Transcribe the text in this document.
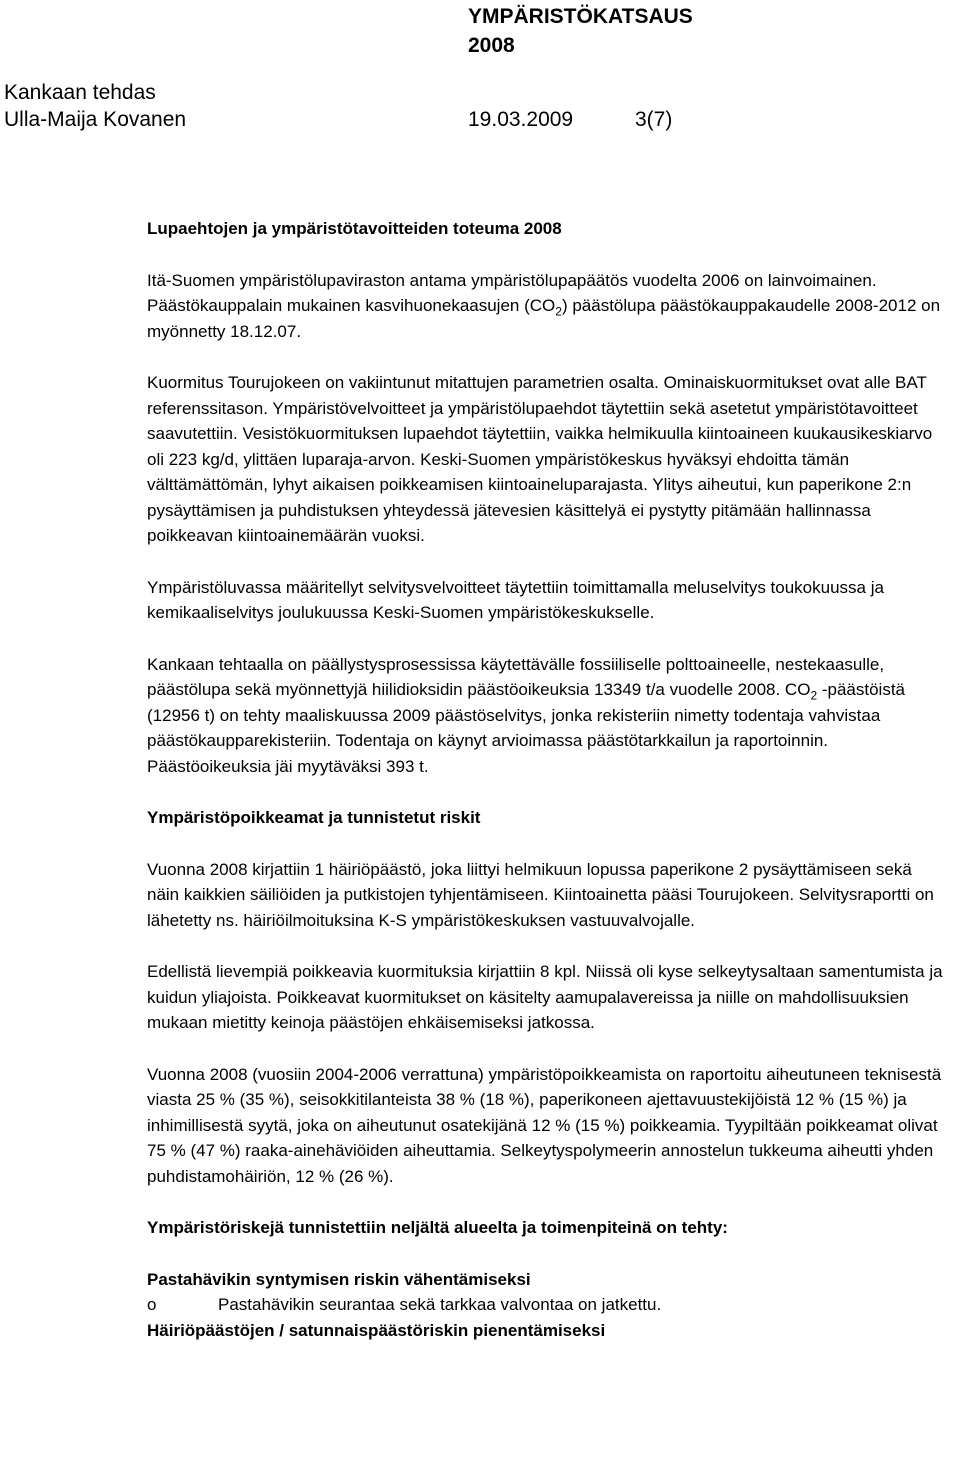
YMPÄRISTÖKATSAUS
2008
Kankaan tehdas
Ulla-Maija Kovanen	19.03.2009	3(7)
Lupaehtojen ja ympäristötavoitteiden toteuma 2008

Itä-Suomen ympäristölupaviraston antama ympäristölupapäätös vuodelta 2006 on lainvoimainen. Päästökauppalain mukainen kasvihuonekaasujen $(CO_2)$ päästölupa päästökauppakaudelle 2008-2012 on myönnetty 18.12.07.

Kuormitus Tourujokeen on vakiintunut mitattujen parametrien osalta. Ominaiskuormitukset ovat alle BAT referenssitason. Ympäristövelvoitteet ja ympäristölupaehdot täytettiin sekä asetetut ympäristötavoitteet saavutettiin. Vesistökuormituksen lupaehdot täytettiin, vaikka helmikuulla kiintoaineen kuukausikeskiarvo oli 223 kg/d, ylittäen luparaja-arvon. Keski-Suomen ympäristökeskus hyväksyi ehdoitta tämän välttämättömän, lyhyt aikaisen poikkeamisen kiintoaineluparajasta. Ylitys aiheutui, kun paperikone 2:n pysäyttämisen ja puhdistuksen yhteydessä jätevesien käsittelyä ei pystytty pitämään hallinnassa poikkeavan kiintoainemäärän vuoksi.

Ympäristöluvassa määritellyt selvitysvelvoitteet täytettiin toimittamalla meluselvitys toukokuussa ja kemikaaliselvitys joulukuussa Keski-Suomen ympäristökeskukselle.

Kankaan tehtaalla on päällystysprosessissa käytettävälle fossiiliselle polttoaineelle, nestekaasulle, päästölupa sekä myönnettyjä hiilidioksidin päästöoikeuksia 13349 t/a vuodelle 2008. $CO_2$ -päästöistä (12956 t) on tehty maaliskuussa 2009 päästöselvitys, jonka rekisteriin nimetty todentaja vahvistaa päästökaupparekisteriin. Todentaja on käynyt arvioimassa päästötarkkailun ja raportoinnin. Päästöoikeuksia jäi myytäväksi 393 t.

Ympäristöpoikkeamat ja tunnistetut riskit

Vuonna 2008 kirjattiin 1 häiriöpäästö, joka liittyi helmikuun lopussa paperikone 2 pysäyttämiseen sekä näin kaikkien säiliöiden ja putkistojen tyhjentämiseen. Kiintoainetta pääsi Tourujokeen. Selvitysraportti on lähetetty ns. häiriöilmoituksina K-S ympäristökeskuksen vastuuvalvojalle.

Edellistä lievempiä poikkeavia kuormituksia kirjattiin 8 kpl. Niissä oli kyse selkeytysaltaan samentumista ja kuidun yliajoista. Poikkeavat kuormitukset on käsitelty aamupalavereissa ja niille on mahdollisuuksien mukaan mietitty keinoja päästöjen ehkäisemiseksi jatkossa.

Vuonna 2008 (vuosiin 2004-2006 verrattuna) ympäristöpoikkeamista on raportoitu aiheutuneen teknisestä viasta 25 % (35 %), seisokkitilanteista 38 % (18 %), paperikoneen ajettavuustekijöistä 12 % (15 %) ja inhimillisestä syytä, joka on aiheutunut osatekijänä 12 % (15 %) poikkeamia. Tyypiltään poikkeamat olivat 75 % (47 %) raaka-ainehäviöiden aiheuttamia. Selkeytyspolymeerin annostelun tukkeuma aiheutti yhden puhdistamohäiriön, 12 % (26 %).

Ympäristöriskejä tunnistettiin neljältä alueelta ja toimenpiteinä on tehty:
Pastahävikin syntymisen riskin vähentämiseksi
o	Pastahävikin seurantaa sekä tarkkaa valvontaa on jatkettu.
Häiriöpäästöjen / satunnaispäästöriskin pienentämiseksi
